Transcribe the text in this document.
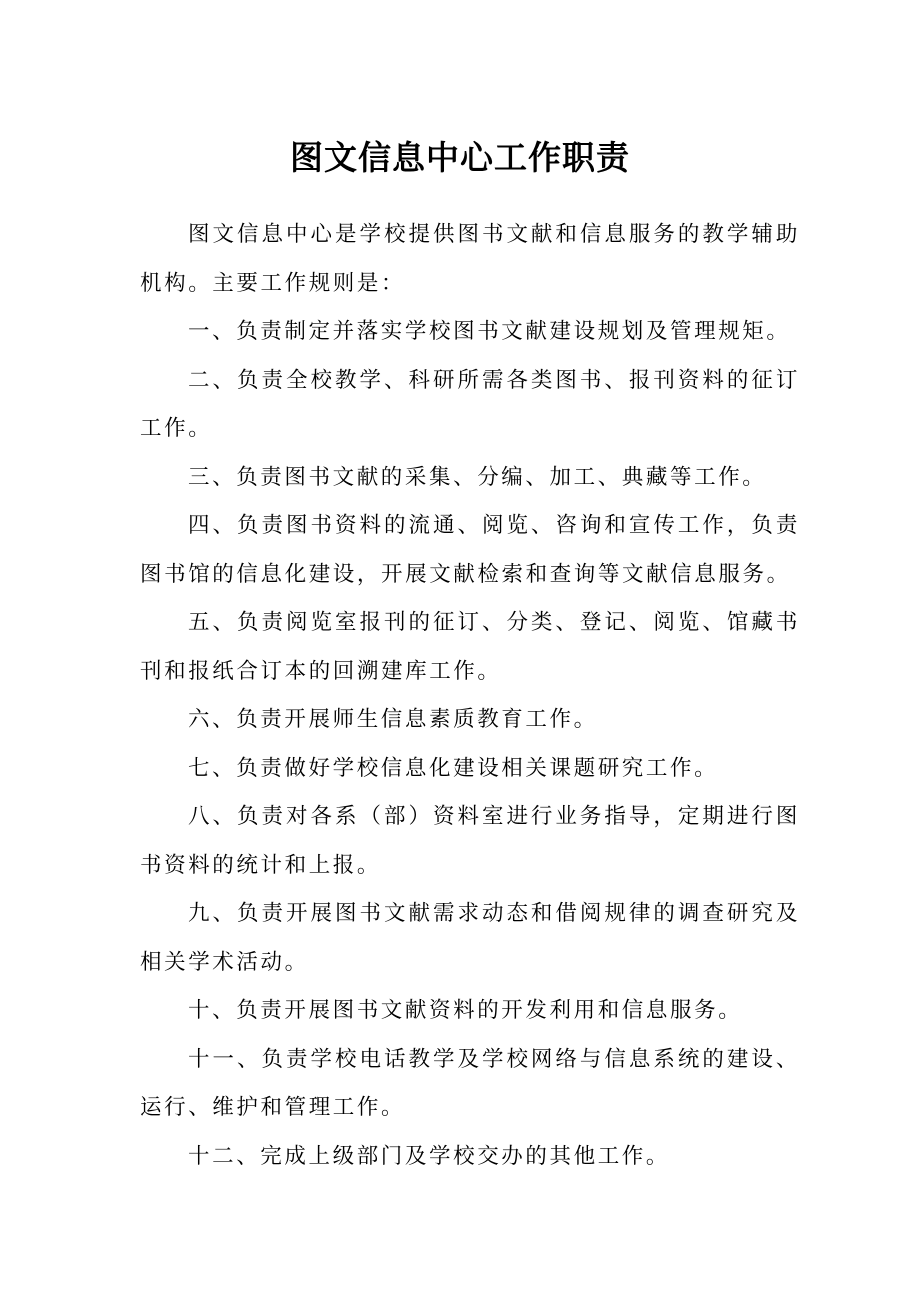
图文信息中心工作职责

图文信息中心是学校提供图书文献和信息服务的教学辅助机构。主要工作规则是：

一、负责制定并落实学校图书文献建设规划及管理规矩。

二、负责全校教学、科研所需各类图书、报刊资料的征订工作。

三、负责图书文献的采集、分编、加工、典藏等工作。

四、负责图书资料的流通、阅览、咨询和宣传工作，负责图书馆的信息化建设，开展文献检索和查询等文献信息服务。

五、负责阅览室报刊的征订、分类、登记、阅览、馆藏书刊和报纸合订本的回溯建库工作。

六、负责开展师生信息素质教育工作。

七、负责做好学校信息化建设相关课题研究工作。

八、负责对各系（部）资料室进行业务指导，定期进行图书资料的统计和上报。

九、负责开展图书文献需求动态和借阅规律的调查研究及相关学术活动。

十、负责开展图书文献资料的开发利用和信息服务。

十一、负责学校电话教学及学校网络与信息系统的建设、运行、维护和管理工作。

十二、完成上级部门及学校交办的其他工作。
